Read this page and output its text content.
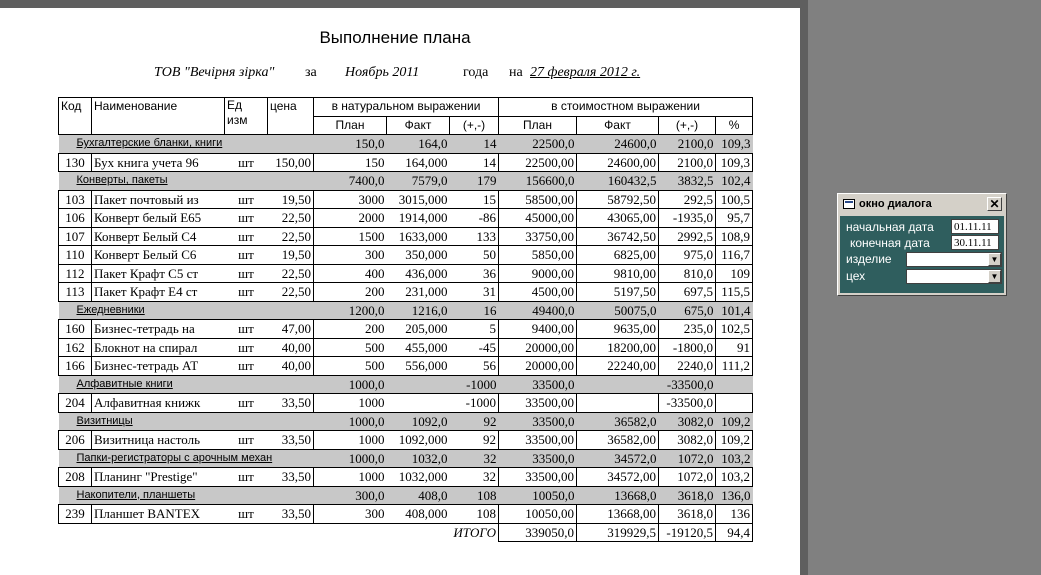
Выполнение плана
ТОВ "Вечірня зірка" за Ноябрь 2011	года на 27 февраля 2012 г.
Код	Наименование	Ед
изм	цена	в натуральном выражении			в стоимостном выражении			
				План	Факт	(+,-)	План	Факт	(+,-)	%
Бухгалтерские бланки, книги				150,0	164,0	14	22500,0	24600,0	2100,0	109,3
130	Бух книга учета 96	шт	150,00	150	164,000	14	22500,00	24600,00	2100,0	109,3
Конверты, пакеты				7400,0	7579,0	179	156600,0	160432,5	3832,5	102,4
103	Пакет почтовый из	шт	19,50	3000	3015,000	15	58500,00	58792,50	292,5	100,5
106	Конверт белый Е65	шт	22,50	2000	1914,000	-86	45000,00	43065,00	-1935,0	95,7
107	Конверт Белый С4	шт	22,50	1500	1633,000	133	33750,00	36742,50	2992,5	108,9
110	Конверт Белый С6	шт	19,50	300	350,000	50	5850,00	6825,00	975,0	116,7
112	Пакет Крафт С5 ст	шт	22,50	400	436,000	36	9000,00	9810,00	810,0	109
113	Пакет Крафт Е4 ст	шт	22,50	200	231,000	31	4500,00	5197,50	697,5	115,5
Ежедневники				1200,0	1216,0	16	49400,0	50075,0	675,0	101,4
160	Бизнес-тетрадь на	шт	47,00	200	205,000	5	9400,00	9635,00	235,0	102,5
162	Блокнот на спирал	шт	40,00	500	455,000	-45	20000,00	18200,00	-1800,0	91
166	Бизнес-тетрадь АТ	шт	40,00	500	556,000	56	20000,00	22240,00	2240,0	111,2
Алфавитные книги				1000,0		-1000	33500,0		-33500,0	
204	Алфавитная книжк	шт	33,50	1000		-1000	33500,00		-33500,0	
Визитницы				1000,0	1092,0	92	33500,0	36582,0	3082,0	109,2
206	Визитница настоль	шт	33,50	1000	1092,000	92	33500,00	36582,00	3082,0	109,2
Папки-регистраторы с арочным механ				1000,0	1032,0	32	33500,0	34572,0	1072,0	103,2
208	Планинг "Prestige"	шт	33,50	1000	1032,000	32	33500,00	34572,00	1072,0	103,2
Накопители, планшеты				300,0	408,0	108	10050,0	13668,0	3618,0	136,0
239	Планшет BANTEX	шт	33,50	300	408,000	108	10050,00	13668,00	3618,0	136
ИТОГО							339050,0	319929,5	-19120,5	94,4
окно диалога	✕
начальная дата 01.11.11
конечная дата 30.11.11
изделие	▼
цех	▼
